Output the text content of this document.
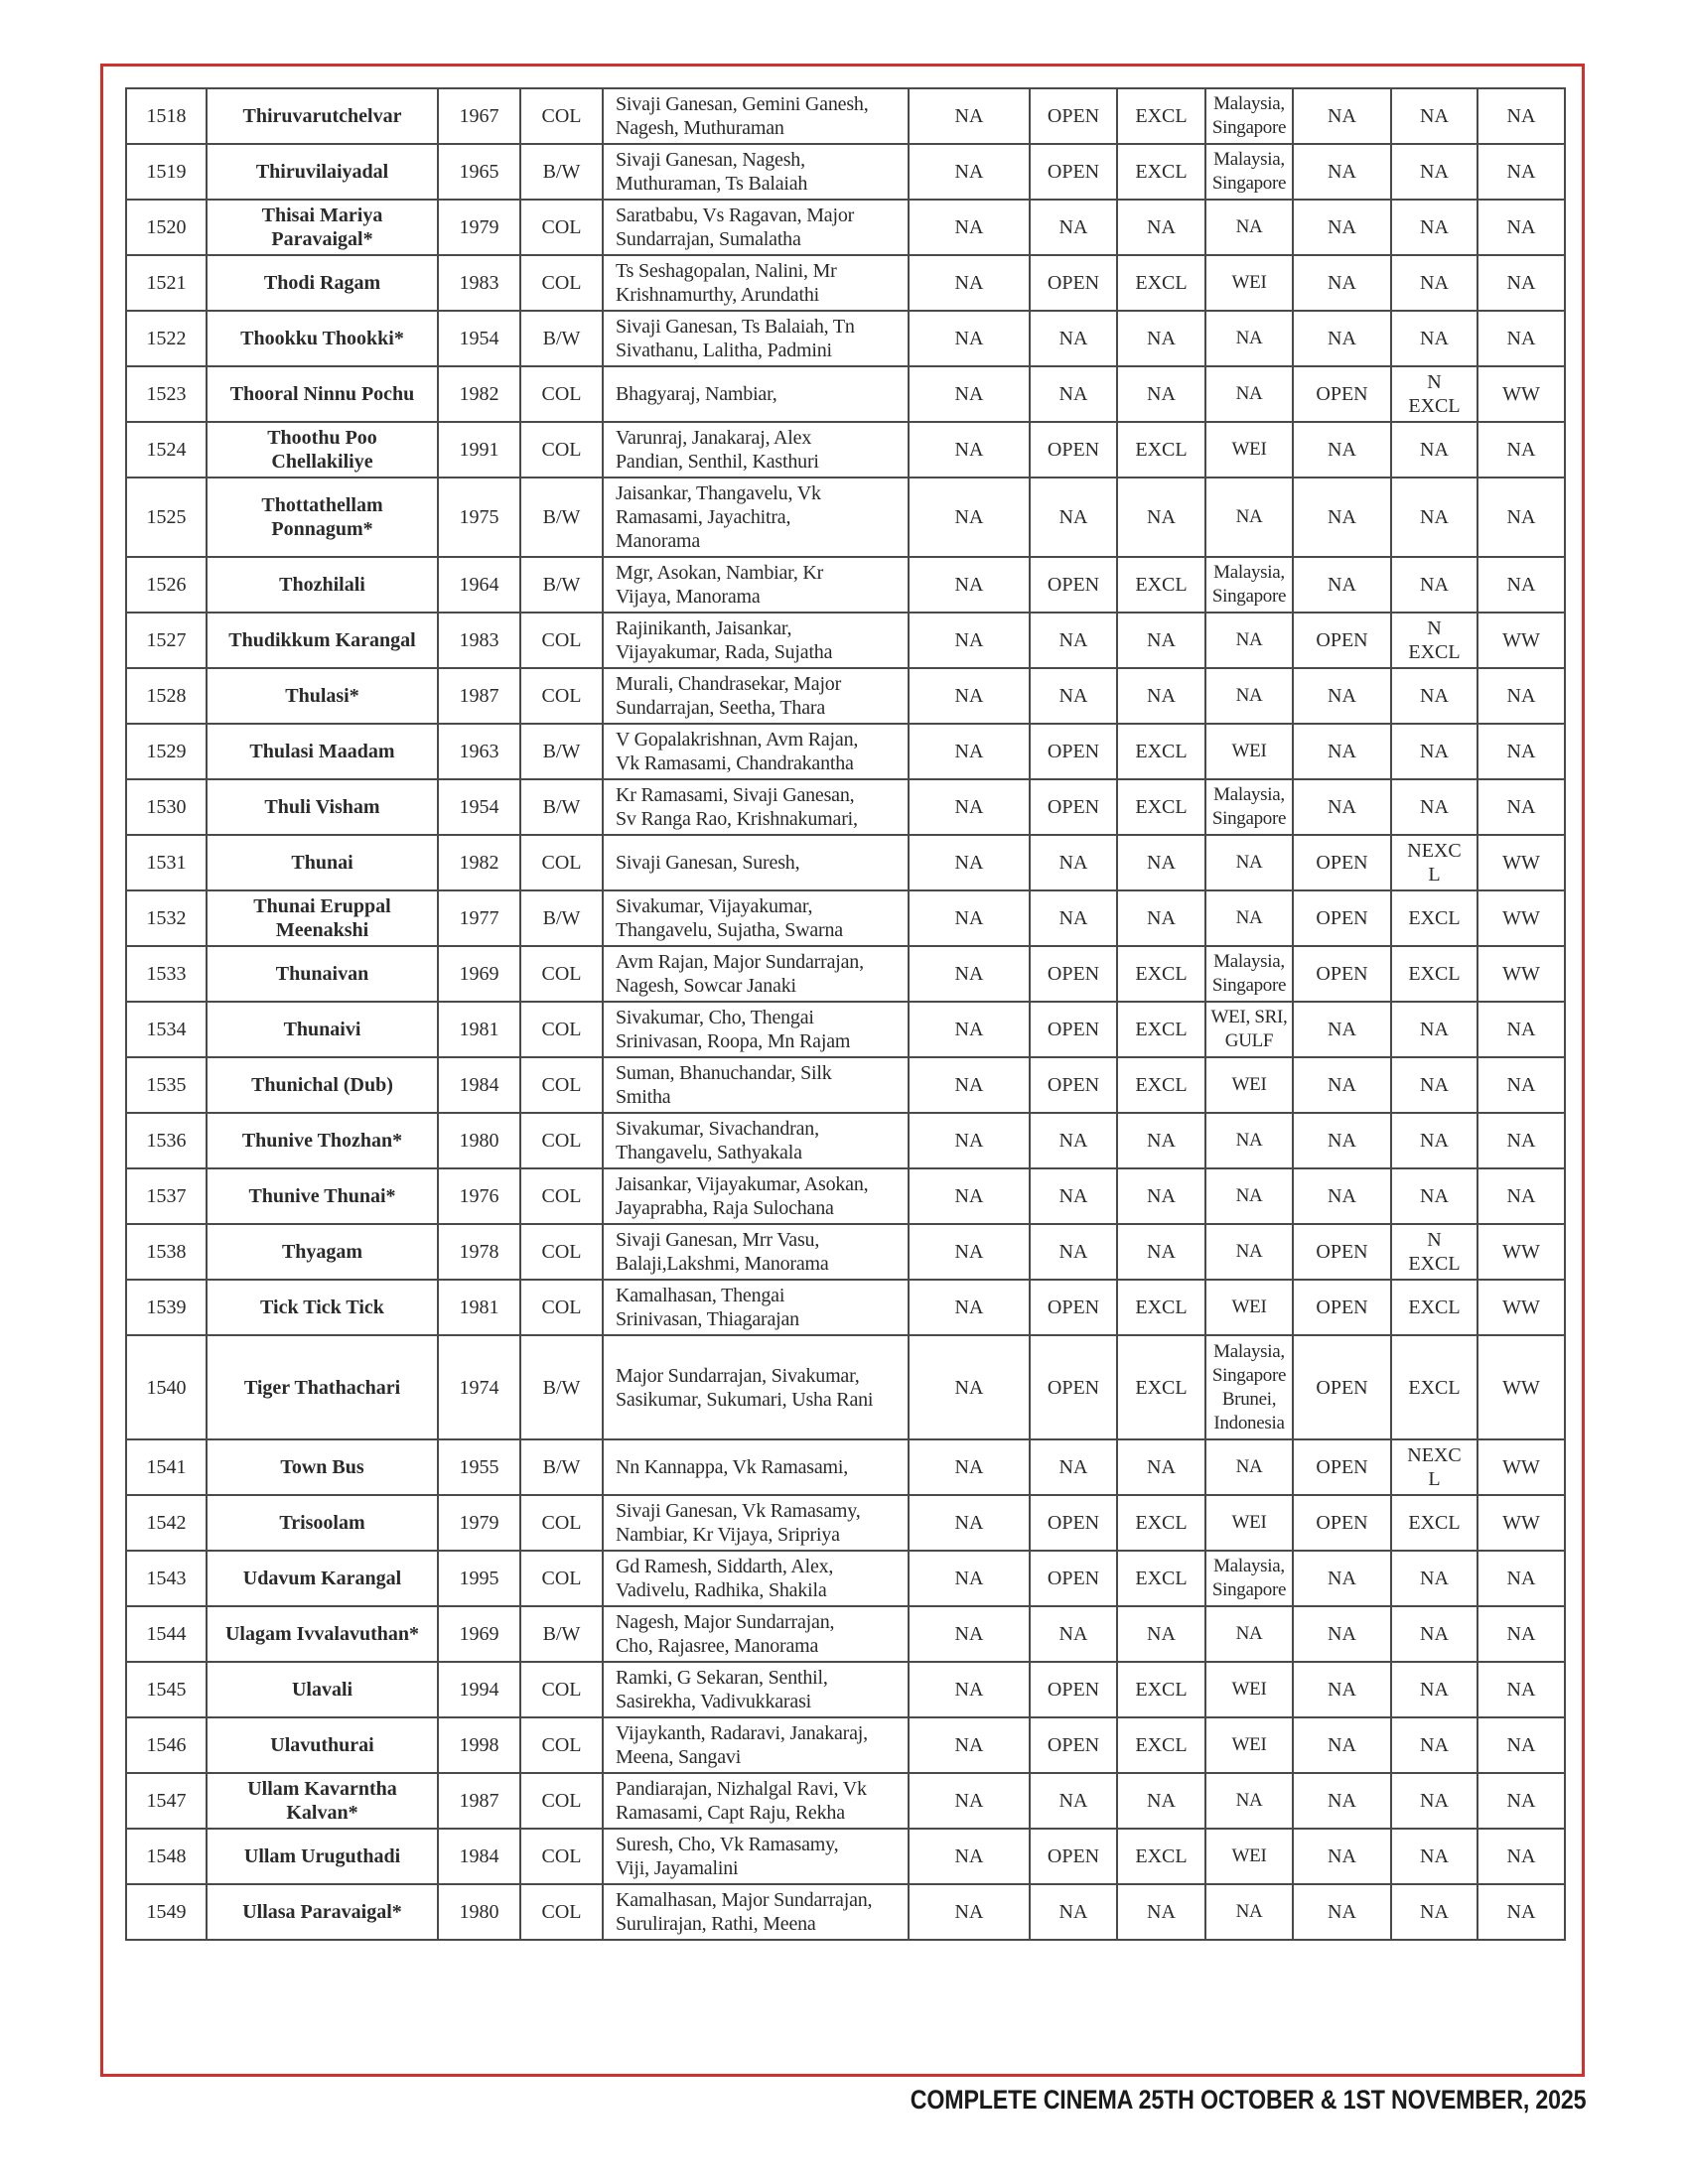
1518	Thiruvarutchelvar	1967	COL	Sivaji Ganesan, Gemini Ganesh,
Nagesh, Muthuraman	NA	OPEN	EXCL	Malaysia,
Singapore	NA	NA	NA

1519	Thiruvilaiyadal	1965	B/W	Sivaji Ganesan, Nagesh,
Muthuraman, Ts Balaiah	NA	OPEN	EXCL	Malaysia,
Singapore	NA	NA	NA

1520	Thisai Mariya
Paravaigal*	1979	COL	Saratbabu, Vs Ragavan, Major
Sundarrajan, Sumalatha	NA	NA	NA	NA	NA	NA	NA

1521	Thodi Ragam	1983	COL	Ts Seshagopalan, Nalini, Mr
Krishnamurthy, Arundathi	NA	OPEN	EXCL	WEI	NA	NA	NA

1522	Thookku Thookki*	1954	B/W	Sivaji Ganesan, Ts Balaiah, Tn
Sivathanu, Lalitha, Padmini	NA	NA	NA	NA	NA	NA	NA

1523	Thooral Ninnu Pochu	1982	COL	Bhagyaraj, Nambiar,	NA	NA	NA	NA	OPEN	N
EXCL	WW

1524	Thoothu Poo
Chellakiliye	1991	COL	Varunraj, Janakaraj, Alex
Pandian, Senthil, Kasthuri	NA	OPEN	EXCL	WEI	NA	NA	NA

1525	Thottathellam
Ponnagum*	1975	B/W	Jaisankar, Thangavelu, Vk
Ramasami, Jayachitra,
Manorama	NA	NA	NA	NA	NA	NA	NA

1526	Thozhilali	1964	B/W	Mgr, Asokan, Nambiar, Kr
Vijaya, Manorama	NA	OPEN	EXCL	Malaysia,
Singapore	NA	NA	NA

1527	Thudikkum Karangal	1983	COL	Rajinikanth, Jaisankar,
Vijayakumar, Rada, Sujatha	NA	NA	NA	NA	OPEN	N
EXCL	WW

1528	Thulasi*	1987	COL	Murali, Chandrasekar, Major
Sundarrajan, Seetha, Thara	NA	NA	NA	NA	NA	NA	NA

1529	Thulasi Maadam	1963	B/W	V Gopalakrishnan, Avm Rajan,
Vk Ramasami, Chandrakantha	NA	OPEN	EXCL	WEI	NA	NA	NA

1530	Thuli Visham	1954	B/W	Kr Ramasami, Sivaji Ganesan,
Sv Ranga Rao, Krishnakumari,	NA	OPEN	EXCL	Malaysia,
Singapore	NA	NA	NA

1531	Thunai	1982	COL	Sivaji Ganesan, Suresh,	NA	NA	NA	NA	OPEN	NEXC
L	WW

1532	Thunai Eruppal
Meenakshi	1977	B/W	Sivakumar, Vijayakumar,
Thangavelu, Sujatha, Swarna	NA	NA	NA	NA	OPEN	EXCL	WW

1533	Thunaivan	1969	COL	Avm Rajan, Major Sundarrajan,
Nagesh, Sowcar Janaki	NA	OPEN	EXCL	Malaysia,
Singapore	OPEN	EXCL	WW

1534	Thunaivi	1981	COL	Sivakumar, Cho, Thengai
Srinivasan, Roopa, Mn Rajam	NA	OPEN	EXCL	WEI, SRI,
GULF	NA	NA	NA

1535	Thunichal (Dub)	1984	COL	Suman, Bhanuchandar, Silk
Smitha	NA	OPEN	EXCL	WEI	NA	NA	NA

1536	Thunive Thozhan*	1980	COL	Sivakumar, Sivachandran,
Thangavelu, Sathyakala	NA	NA	NA	NA	NA	NA	NA

1537	Thunive Thunai*	1976	COL	Jaisankar, Vijayakumar, Asokan,
Jayaprabha, Raja Sulochana	NA	NA	NA	NA	NA	NA	NA

1538	Thyagam	1978	COL	Sivaji Ganesan, Mrr Vasu,
Balaji,Lakshmi, Manorama	NA	NA	NA	NA	OPEN	N
EXCL	WW

1539	Tick Tick Tick	1981	COL	Kamalhasan, Thengai
Srinivasan, Thiagarajan	NA	OPEN	EXCL	WEI	OPEN	EXCL	WW

1540	Tiger Thathachari	1974	B/W	Major Sundarrajan, Sivakumar,
Sasikumar, Sukumari, Usha Rani	NA	OPEN	EXCL	Malaysia,
Singapore
Brunei,
Indonesia	OPEN	EXCL	WW

1541	Town Bus	1955	B/W	Nn Kannappa, Vk Ramasami,	NA	NA	NA	NA	OPEN	NEXC
L	WW

1542	Trisoolam	1979	COL	Sivaji Ganesan, Vk Ramasamy,
Nambiar, Kr Vijaya, Sripriya	NA	OPEN	EXCL	WEI	OPEN	EXCL	WW

1543	Udavum Karangal	1995	COL	Gd Ramesh, Siddarth, Alex,
Vadivelu, Radhika, Shakila	NA	OPEN	EXCL	Malaysia,
Singapore	NA	NA	NA

1544	Ulagam Ivvalavuthan*	1969	B/W	Nagesh, Major Sundarrajan,
Cho, Rajasree, Manorama	NA	NA	NA	NA	NA	NA	NA

1545	Ulavali	1994	COL	Ramki, G Sekaran, Senthil,
Sasirekha, Vadivukkarasi	NA	OPEN	EXCL	WEI	NA	NA	NA

1546	Ulavuthurai	1998	COL	Vijaykanth, Radaravi, Janakaraj,
Meena, Sangavi	NA	OPEN	EXCL	WEI	NA	NA	NA

1547	Ullam Kavarntha
Kalvan*	1987	COL	Pandiarajan, Nizhalgal Ravi, Vk
Ramasami, Capt Raju, Rekha	NA	NA	NA	NA	NA	NA	NA

1548	Ullam Uruguthadi	1984	COL	Suresh, Cho, Vk Ramasamy,
Viji, Jayamalini	NA	OPEN	EXCL	WEI	NA	NA	NA

1549	Ullasa Paravaigal*	1980	COL	Kamalhasan, Major Sundarrajan,
Surulirajan, Rathi, Meena	NA	NA	NA	NA	NA	NA	NA
COMPLETE CINEMA 25TH OCTOBER & 1ST NOVEMBER, 2025
